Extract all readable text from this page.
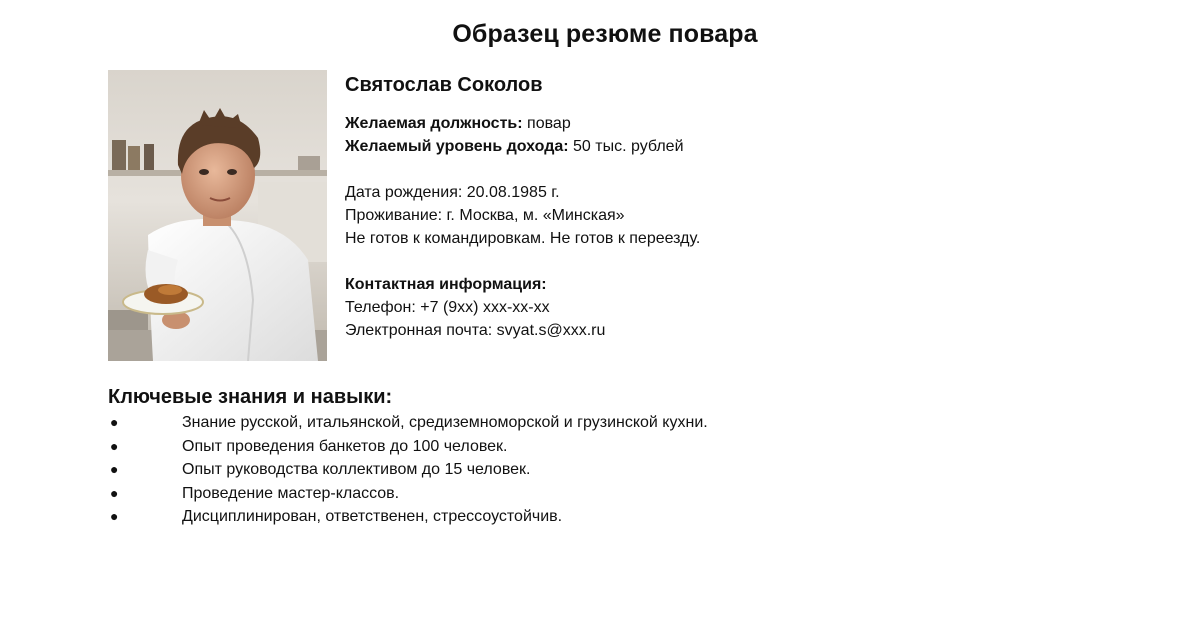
Образец резюме повара
Святослав Соколов
Желаемая должность: повар
Желаемый уровень дохода: 50 тыс. рублей
Дата рождения: 20.08.1985 г.
Проживание: г. Москва, м. «Минская»
Не готов к командировкам. Не готов к переезду.
Контактная информация:
Телефон: +7 (9хх) ххх-хх-хх
Электронная почта: svyat.s@xxx.ru
Ключевые знания и навыки:
●	Знание русской, итальянской, средиземноморской и грузинской кухни.
●	Опыт проведения банкетов до 100 человек.
●	Опыт руководства коллективом до 15 человек.
●	Проведение мастер-классов.
●	Дисциплинирован, ответственен, стрессоустойчив.
